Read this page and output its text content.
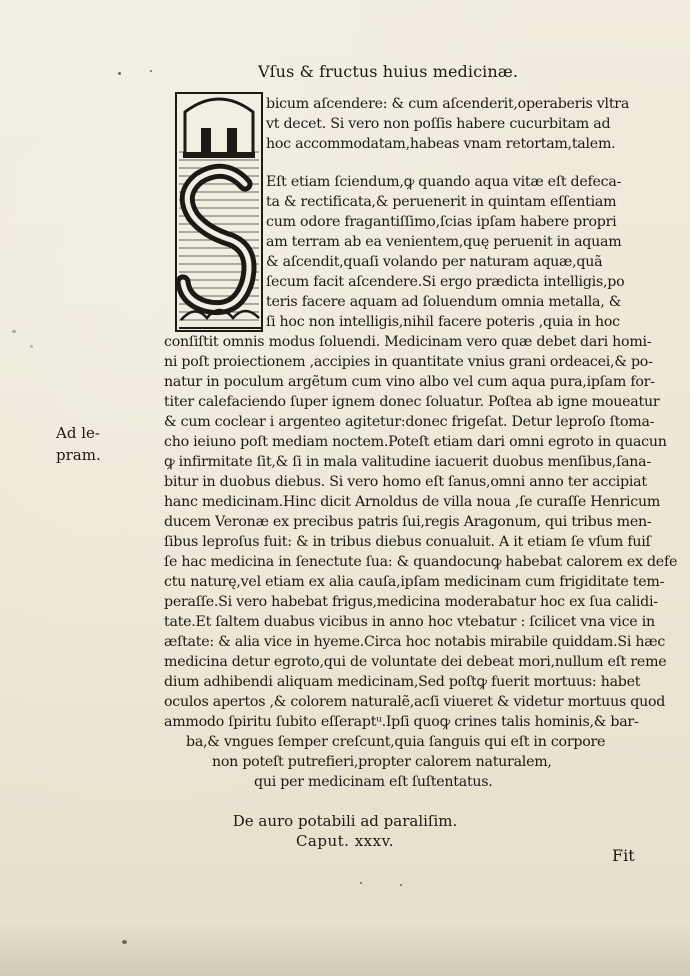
Vſus & fructus huius medicinæ.
bicum aſcendere: & cum aſcenderit,operaberis vltra
vt decet. Si vero non poſſis habere cucurbitam ad
hoc accommodatam,habeas vnam retortam,talem.
Eſt etiam ſciendum,ꝙ quando aqua vitæ eſt defeca-
ta & rectificata,& peruenerit in quintam eſſentiam
cum odore fragantiſſimo,ſcias ipſam habere propri
am terram ab ea venientem,quę peruenit in aquam
& aſcendit,quaſi volando per naturam aquæ,quã
ſecum facit aſcendere.Si ergo prædicta intelligis,po
teris facere aquam ad ſoluendum omnia metalla, &
ſi hoc non intelligis,nihil facere poteris ,quia in hoc
Ad le-
pram.
conſiſtit omnis modus ſoluendi. Medicinam vero quæ debet dari homi-
ni poſt proiectionem ,accipies in quantitate vnius grani ordeacei,& po-
natur in poculum argẽtum cum vino albo vel cum aqua pura,ipſam for-
titer calefaciendo ſuper ignem donec ſoluatur. Poſtea ab igne moueatur
& cum coclear i argenteo agitetur:donec frigeſat. Detur leproſo ſtoma-
cho ieiuno poſt mediam noctem.Poteſt etiam dari omni egroto in quacun
ꝙ infirmitate ſit,& ſi in mala valitudine iacuerit duobus menſibus,ſana-
bitur in duobus diebus. Si vero homo eſt ſanus,omni anno ter accipiat
hanc medicinam.Hinc dicit Arnoldus de villa noua ,ſe curaſſe Henricum
ducem Veronæ ex precibus patris ſui,regis Aragonum, qui tribus men-
ſibus leproſus fuit: & in tribus diebus conualuit. A it etiam ſe vſum fuiſ
ſe hac medicina in ſenectute ſua: & quandocunꝙ habebat calorem ex defe
ctu naturę,vel etiam ex alia cauſa,ipſam medicinam cum frigiditate tem-
peraſſe.Si vero habebat frigus,medicina moderabatur hoc ex ſua calidi-
tate.Et ſaltem duabus vicibus in anno hoc vtebatur : ſcilicet vna vice in
æſtate: & alia vice in hyeme.Circa hoc notabis mirabile quiddam.Si hæc
medicina detur egroto,qui de voluntate dei debeat mori,nullum eſt reme
dium adhibendi aliquam medicinam,Sed poſtꝙ fuerit mortuus: habet
oculos apertos ,& colorem naturalẽ,acſi viueret & videtur mortuus quod
ammodo ſpiritu ſubito eſſeraptᵘ.Ipſi quoꝙ crines talis hominis,& bar-
ba,& vngues ſemper creſcunt,quia ſanguis qui eſt in corpore
non poteſt putrefieri,propter calorem naturalem,
qui per medicinam eſt ſuſtentatus.
De auro potabili ad paraliſim.
Caput. xxxv.
Fit
